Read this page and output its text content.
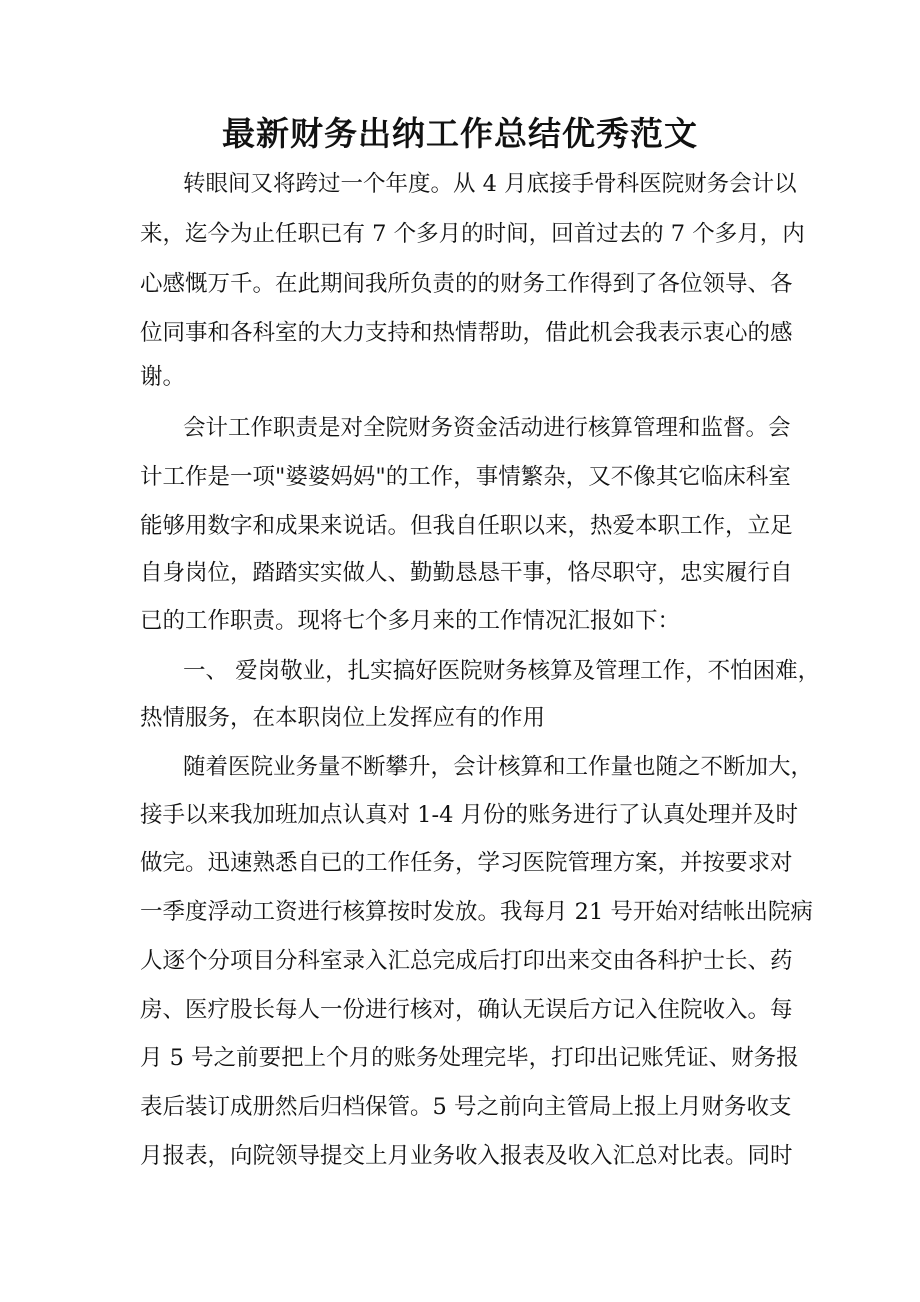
最新财务出纳工作总结优秀范文
转眼间又将跨过一个年度。从 4 月底接手骨科医院财务会计以
来，迄今为止任职已有 7 个多月的时间，回首过去的 7 个多月，内
心感慨万千。在此期间我所负责的的财务工作得到了各位领导、各
位同事和各科室的大力支持和热情帮助，借此机会我表示衷心的感
谢。
会计工作职责是对全院财务资金活动进行核算管理和监督。会
计工作是一项"婆婆妈妈"的工作，事情繁杂，又不像其它临床科室
能够用数字和成果来说话。但我自任职以来，热爱本职工作，立足
自身岗位，踏踏实实做人、勤勤恳恳干事，恪尽职守，忠实履行自
已的工作职责。现将七个多月来的工作情况汇报如下：
一、 爱岗敬业，扎实搞好医院财务核算及管理工作，不怕困难，
热情服务，在本职岗位上发挥应有的作用
随着医院业务量不断攀升，会计核算和工作量也随之不断加大，
接手以来我加班加点认真对 1-4 月份的账务进行了认真处理并及时
做完。迅速熟悉自已的工作任务，学习医院管理方案，并按要求对
一季度浮动工资进行核算按时发放。我每月 21 号开始对结帐出院病
人逐个分项目分科室录入汇总完成后打印出来交由各科护士长、药
房、医疗股长每人一份进行核对，确认无误后方记入住院收入。每
月 5 号之前要把上个月的账务处理完毕，打印出记账凭证、财务报
表后装订成册然后归档保管。5 号之前向主管局上报上月财务收支
月报表，向院领导提交上月业务收入报表及收入汇总对比表。同时
